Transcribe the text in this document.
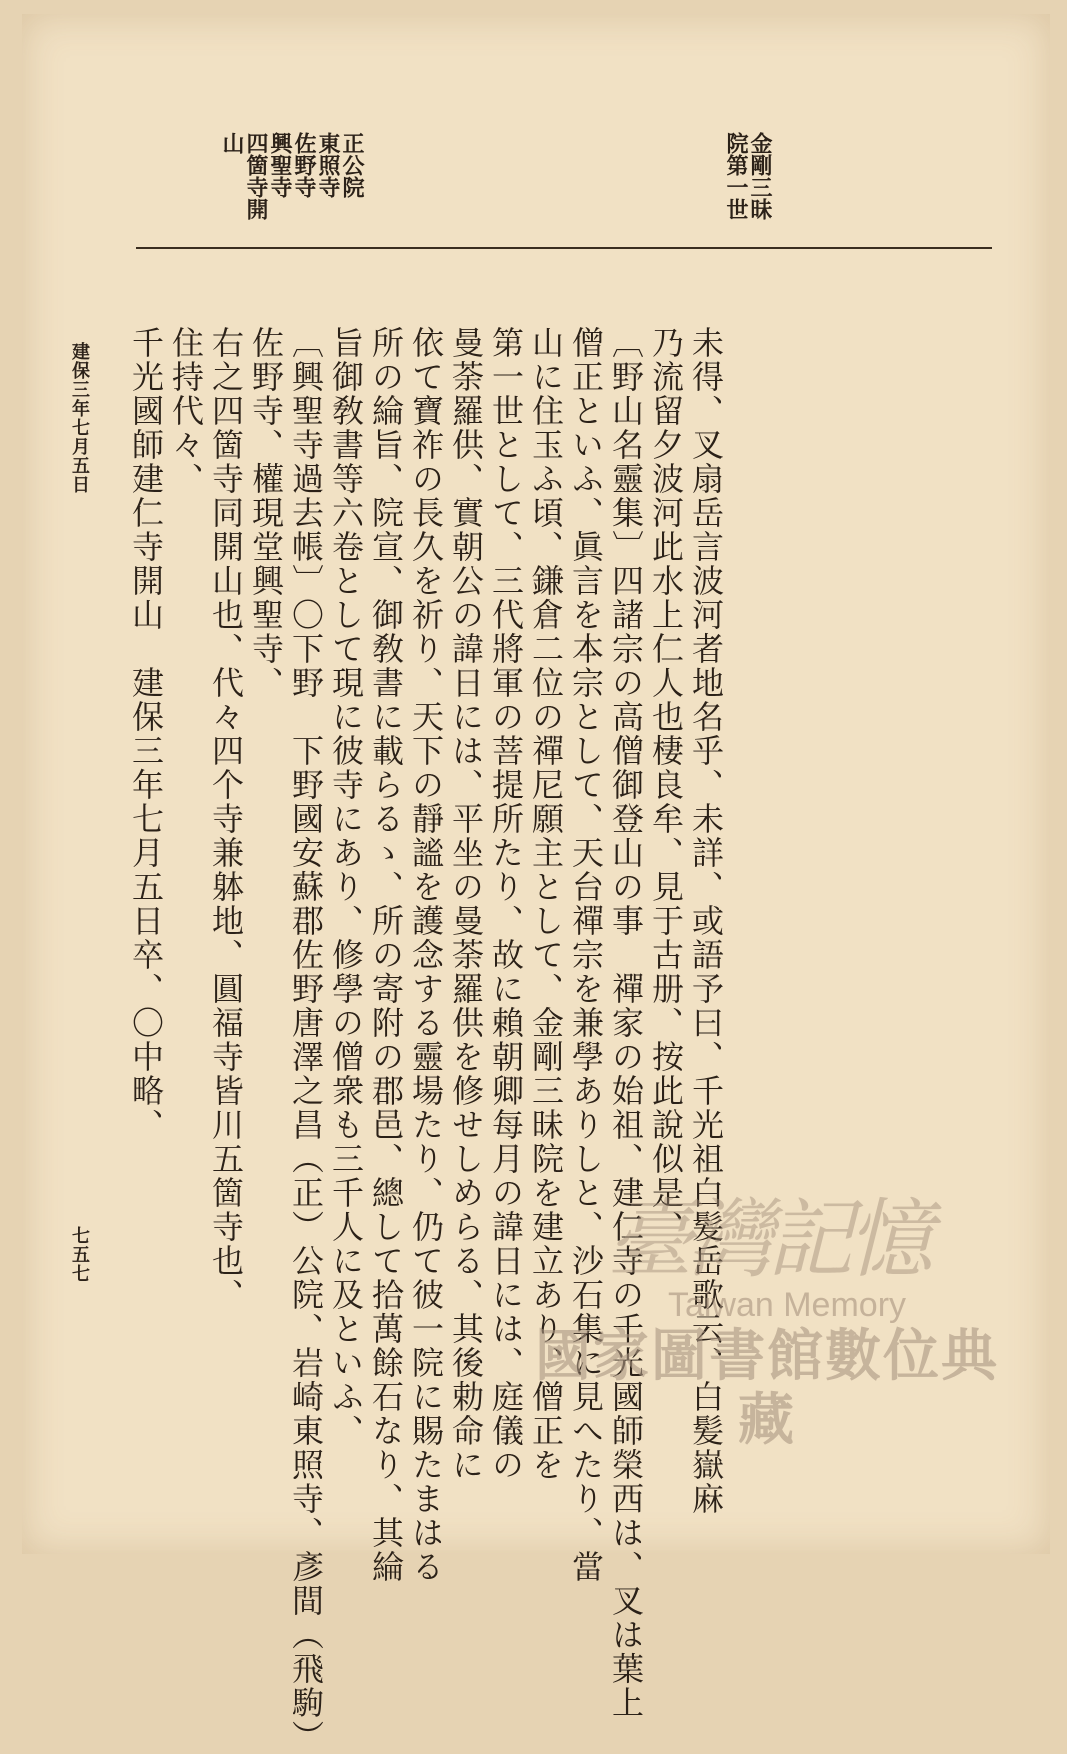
金剛三昧
院第一世
正公院
東照寺
佐野寺
興聖寺
四箇寺開
山
未得、叉扇岳言波河者地名乎、未詳、或語予曰、千光祖白髪岳歌云、白髪嶽麻
乃流留夕波河此水上仁人也棲良牟、見于古册、按此說似是、
〔野山名靈集〕四諸宗の高僧御登山の事　禪家の始祖、建仁寺の千光國師榮西は、叉は葉上
僧正といふ、眞言を本宗として、天台禪宗を兼學ありしと、沙石集に見へたり、當
山に住玉ふ頃、鎌倉二位の禪尼願主として、金剛三昧院を建立あり、僧正を
第一世として、三代將軍の菩提所たり、故に賴朝卿每月の諱日には、庭儀の
曼荼羅供、實朝公の諱日には、平坐の曼荼羅供を修せしめらる、其後勅命に
依て寶祚の長久を祈り、天下の靜謐を護念する靈場たり、仍て彼一院に賜たまはる
所の綸旨、院宣、御敎書に載らるゝ、所の寄附の郡邑、總して拾萬餘石なり、其綸
旨御敎書等六卷として現に彼寺にあり、修學の僧衆も三千人に及といふ、
〔興聖寺過去帳〕〇下野　下野國安蘇郡佐野唐澤之昌（正）公院、岩崎東照寺、彥間（飛駒）
佐野寺、權現堂興聖寺、
右之四箇寺同開山也、代々四个寺兼躰地、圓福寺皆川五箇寺也、
住持代々、
千光國師建仁寺開山　建保三年七月五日卒、〇中略、
建保三年七月五日
七五七	臺灣記憶
Taiwan Memory
國家圖書館數位典藏
